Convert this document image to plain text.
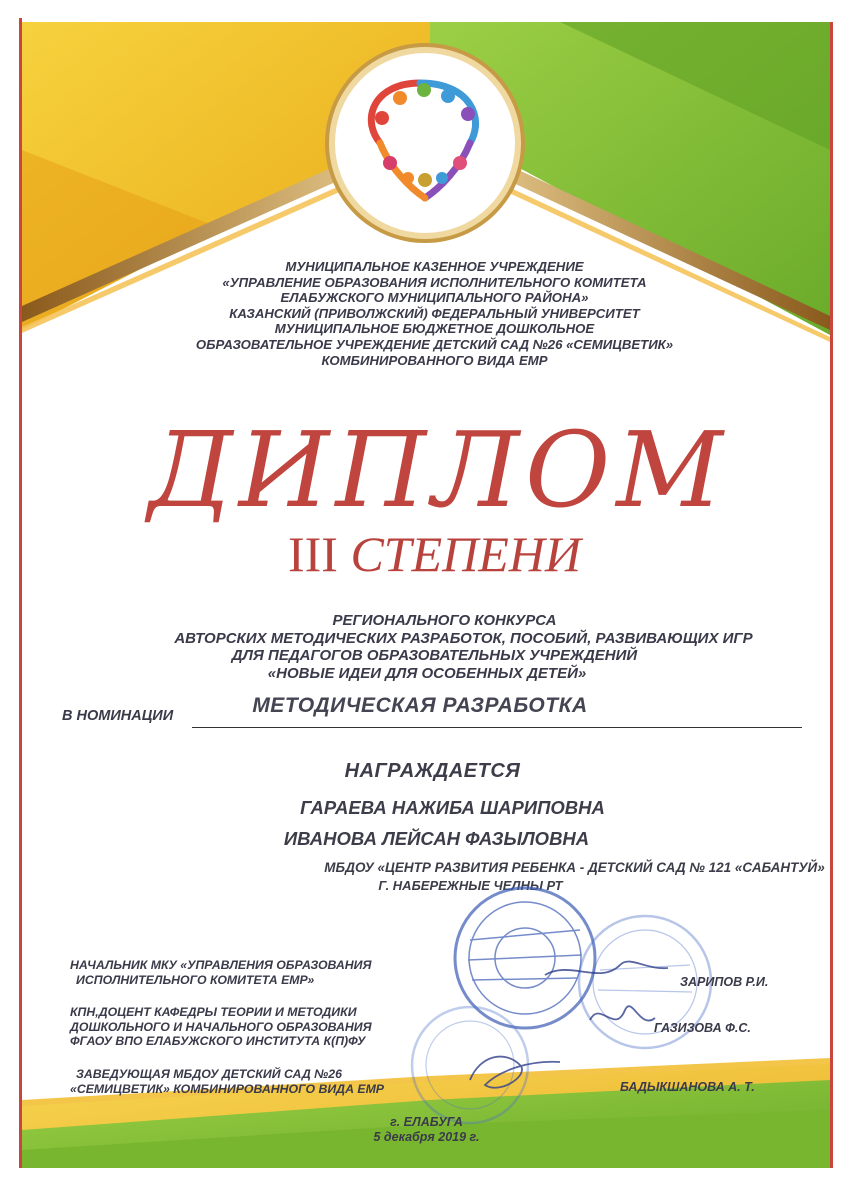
МУНИЦИПАЛЬНОЕ КАЗЕННОЕ УЧРЕЖДЕНИЕ
«УПРАВЛЕНИЕ ОБРАЗОВАНИЯ ИСПОЛНИТЕЛЬНОГО КОМИТЕТА
ЕЛАБУЖСКОГО МУНИЦИПАЛЬНОГО РАЙОНА»
КАЗАНСКИЙ (ПРИВОЛЖСКИЙ) ФЕДЕРАЛЬНЫЙ УНИВЕРСИТЕТ
МУНИЦИПАЛЬНОЕ БЮДЖЕТНОЕ ДОШКОЛЬНОЕ
ОБРАЗОВАТЕЛЬНОЕ УЧРЕЖДЕНИЕ ДЕТСКИЙ САД №26 «СЕМИЦВЕТИК»
КОМБИНИРОВАННОГО ВИДА ЕМР
ДИПЛОМ
III СТЕПЕНИ
РЕГИОНАЛЬНОГО КОНКУРСА
АВТОРСКИХ МЕТОДИЧЕСКИХ РАЗРАБОТОК, ПОСОБИЙ, РАЗВИВАЮЩИХ ИГР
ДЛЯ ПЕДАГОГОВ ОБРАЗОВАТЕЛЬНЫХ УЧРЕЖДЕНИЙ
«НОВЫЕ ИДЕИ ДЛЯ ОСОБЕННЫХ ДЕТЕЙ»
В НОМИНАЦИИ	МЕТОДИЧЕСКАЯ РАЗРАБОТКА
НАГРАЖДАЕТСЯ
ГАРАЕВА НАЖИБА ШАРИПОВНА
ИВАНОВА ЛЕЙСАН ФАЗЫЛОВНА
МБДОУ «ЦЕНТР РАЗВИТИЯ РЕБЕНКА - ДЕТСКИЙ САД № 121 «САБАНТУЙ»
Г. НАБЕРЕЖНЫЕ ЧЕЛНЫ РТ
НАЧАЛЬНИК МКУ «УПРАВЛЕНИЯ ОБРАЗОВАНИЯ
ИСПОЛНИТЕЛЬНОГО КОМИТЕТА ЕМР»	ЗАРИПОВ Р.И.
КПН,ДОЦЕНТ КАФЕДРЫ ТЕОРИИ И МЕТОДИКИ
ДОШКОЛЬНОГО И НАЧАЛЬНОГО ОБРАЗОВАНИЯ
ФГАОУ ВПО ЕЛАБУЖСКОГО ИНСТИТУТА К(П)ФУ
ГАЗИЗОВА Ф.С.
ЗАВЕДУЮЩАЯ МБДОУ ДЕТСКИЙ САД №26
«СЕМИЦВЕТИК» КОМБИНИРОВАННОГО ВИДА ЕМР	БАДЫКШАНОВА А. Т.
г. ЕЛАБУГА
5 декабря 2019 г.
